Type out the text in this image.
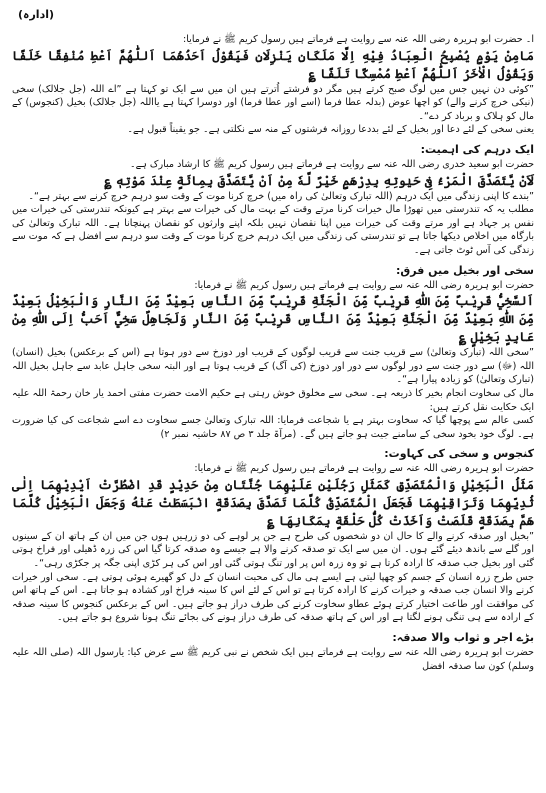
(ادارہ)

ا۔ حضرت ابو ہریرہ رضی اللہ عنہ سے روایت ہے فرماتے ہیں رسول کریم ﷺ نے فرمایا:

مَامِنْ يَوْمٍ يُصْبِحُ الْعِبَادُ فِيْهِ اِلَّا مَلَكَانِ يَنْزِلَانِ فَيَقُوْلُ اَحَدُهُمَا اَللّٰهُمَّ اَعْطِ مُنْفِقًا خَلَفًا وَيَقُوْلُ الْاٰخَرُ اَللّٰهُمَّ اَعْطِ مُمْسِكًا تَلَفًا ؏

”کوئی دن نہیں جس میں لوگ صبح کرتے ہیں مگر دو فرشتے اُترتے ہیں ان میں سے ایک تو کہتا ہے ”اے اللہ (جل جلالک) سخی (نیکی خرچ کرنے والے) کو اچھا عوض (بدلہ عطا فرما (اسے اور عطا فرما) اور دوسرا کہتا ہے یااللہ (جل جلالک) بخیل (کنجوس) کے مال کو ہلاک و برباد کر دے“۔

یعنی سخی کے لئے دعا اور بخیل کے لئے بددعا روزانہ فرشتوں کے منہ سے نکلتی ہے۔ جو یقیناً قبول ہے۔

ایک درہم کی اہمیت:

حضرت ابو سعید خدری رضی اللہ عنہ سے روایت ہے فرماتے ہیں رسول کریم ﷺ کا ارشاد مبارک ہے۔

لَاَنْ يَّتَصَدَّقَ الْمَرْءُ فِىْ حَيٰوتِهِ بِدِرْهَمٍ خَيْرٌ لَّهٗ مِنْ اَنْ يَّتَصَدَّقَ بِمِائَةٍ عِنْدَ مَوْتِهٖ ؏

”بندے کا اپنی زندگی میں ایک درہم (اللہ تبارک وتعالیٰ کی راہ میں) خرچ کرنا موت کے وقت سو درہم خرچ کرنے سے بہتر ہے“۔

مطلب یہ کہ تندرستی میں تھوڑا مال خیرات کرنا مرتے وقت کے بہت مال کی خیرات سے بہتر ہے کیونکہ تندرستی کی خیرات میں نفس پر جہاد ہے اور مرتے وقت کی خیرات میں اپنا نقصان نہیں بلکہ اپنے وارثوں کو نقصان پہنچانا ہے۔ اللہ تبارک وتعالیٰ کی بارگاہ میں اخلاص دیکھا جاتا ہے تو تندرستی کی زندگی میں ایک درہم خرچ کرنا موت کے وقت سو درہم سے افضل ہے کہ موت سے زندگی کی آس ٹوٹ جاتی ہے۔

سخی اور بخیل میں فرق:

حضرت ابو ہریرہ رضی اللہ عنہ سے روایت ہے فرماتے ہیں رسول کریم ﷺ نے فرمایا:

اَلسَّخِيُّ قَرِيْبٌ مِّنَ اللّٰهِ قَرِيْبٌ مِّنَ الْجَنَّةِ قَرِيْبٌ مِّنَ النَّاسِ بَعِيْدٌ مِّنَ النَّارِ وَالْبَخِيْلُ بَعِيْدٌ مِّنَ اللّٰهِ بَعِيْدٌ مِّنَ الْجَنَّةِ بَعِيْدٌ مِّنَ النَّاسِ قَرِيْبٌ مِّنَ النَّارِ وَلَجَاهِلٌ سَخِيٌّ اَحَبُّ اِلَى اللّٰهِ مِنْ عَابِدٍ بَخِيْلٍ ؏

”سخی اللہ (تبارک وتعالیٰ) سے قریب جنت سے قریب لوگوں کے قریب اور دوزخ سے دور ہوتا ہے (اس کے برعکس) بخیل (انسان) اللہ (ﷻ) سے دور جنت سے دور لوگوں سے دور اور دوزخ (کی آگ) کے قریب ہوتا ہے اور البتہ سخی جاہل عابد سے جاہل بخیل اللہ (تبارک وتعالیٰ) کو زیادہ پیارا ہے“۔

مال کی سخاوت انجام بخیر کا ذریعہ ہے۔ سخی سے مخلوق خوش رہتی ہے حکیم الامت حضرت مفتی احمد یار خان رحمۃ اللہ علیہ ایک حکایت نقل کرتے ہیں:

کسی عالم سے پوچھا گیا کہ سخاوت بہتر ہے یا شجاعت فرمایا: اللہ تبارک وتعالیٰ جسے سخاوت دے اسے شجاعت کی کیا ضرورت ہے۔ لوگ خود بخود سخی کے سامنے جیت ہو جاتے ہیں گے۔ (مرآۃ جلد ۳ ص ۸۷ حاشیہ نمبر ۲)

کنجوس و سخی کی کہاوت:

حضرت ابو ہریرہ رضی اللہ عنہ سے روایت ہے فرماتے ہیں رسول کریم ﷺ نے فرمایا:

مَثَلُ الْبَخِيْلِ وَالْمُتَصَدِّقِ كَمَثَلِ رَجُلَيْنِ عَلَيْهِمَا جُنَّتَانِ مِنْ حَدِيْدٍ قَدِ اضْطُرَّتْ اَيْدِيْهِمَا اِلٰى ثُدِيِّهِمَا وَتَرَاقِيْهِمَا فَجَعَلَ الْمُتَصَدِّقُ كُلَّمَا تَصَدَّقَ بِصَدَقَةٍ انْبَسَطَتْ عَنْهُ وَجَعَلَ الْبَخِيْلُ كُلَّمَا هَمَّ بِصَدَقَةٍ قَلَصَتْ وَاَخَذَتْ كُلُّ حَلْقَةٍ بِمَكَانِهَا ؏

”بخیل اور صدقہ کرنے والے کا حال ان دو شخصوں کی طرح ہے جن پر لوہے کی دو زرہیں ہوں جن میں ان کے ہاتھ ان کے سینوں اور گلے سے باندھ دیئے گئے ہوں۔ ان میں سے ایک تو صدقہ کرنے والا ہے جیسے وہ صدقہ کرتا گیا اس کی زرہ ڈھیلی اور فراخ ہوتی گئی اور بخیل جب صدقہ کا ارادہ کرتا ہے تو وہ زرہ اس پر اور تنگ ہوتی گئی اور اس کی ہر کڑی اپنی جگہ پر جکڑی رہی“۔

جس طرح زرہ انسان کے جسم کو چھپا لیتی ہے ایسے ہی مال کی محبت انسان کے دل کو گھیرے ہوئی ہوتی ہے۔ سخی اور خیرات کرنے والا انسان جب صدقہ و خیرات کرنے کا ارادہ کرتا ہے تو اس کے لئے اس کا سینہ فراخ اور کشادہ ہو جاتا ہے۔ اس کے ہاتھ اس کی موافقت اور طاعت اختیار کرتے ہوئے عطاو سخاوت کرنے کی طرف دراز ہو جاتے ہیں۔ اس کے برعکس کنجوس کا سینہ صدقہ کے ارادہ سے ہی تنگی ہونے لگتا ہے اور اس کے ہاتھ صدقہ کی طرف دراز ہونے کی بجائے تنگ ہونا شروع ہو جاتے ہیں۔

بڑے اجر و ثواب والا صدقہ:

حضرت ابو ہریرہ رضی اللہ عنہ سے روایت ہے فرماتے ہیں ایک شخص نے نبی کریم ﷺ سے عرض کیا: یارسول اللہ (صلی اللہ علیہ وسلم) کون سا صدقہ افضل
